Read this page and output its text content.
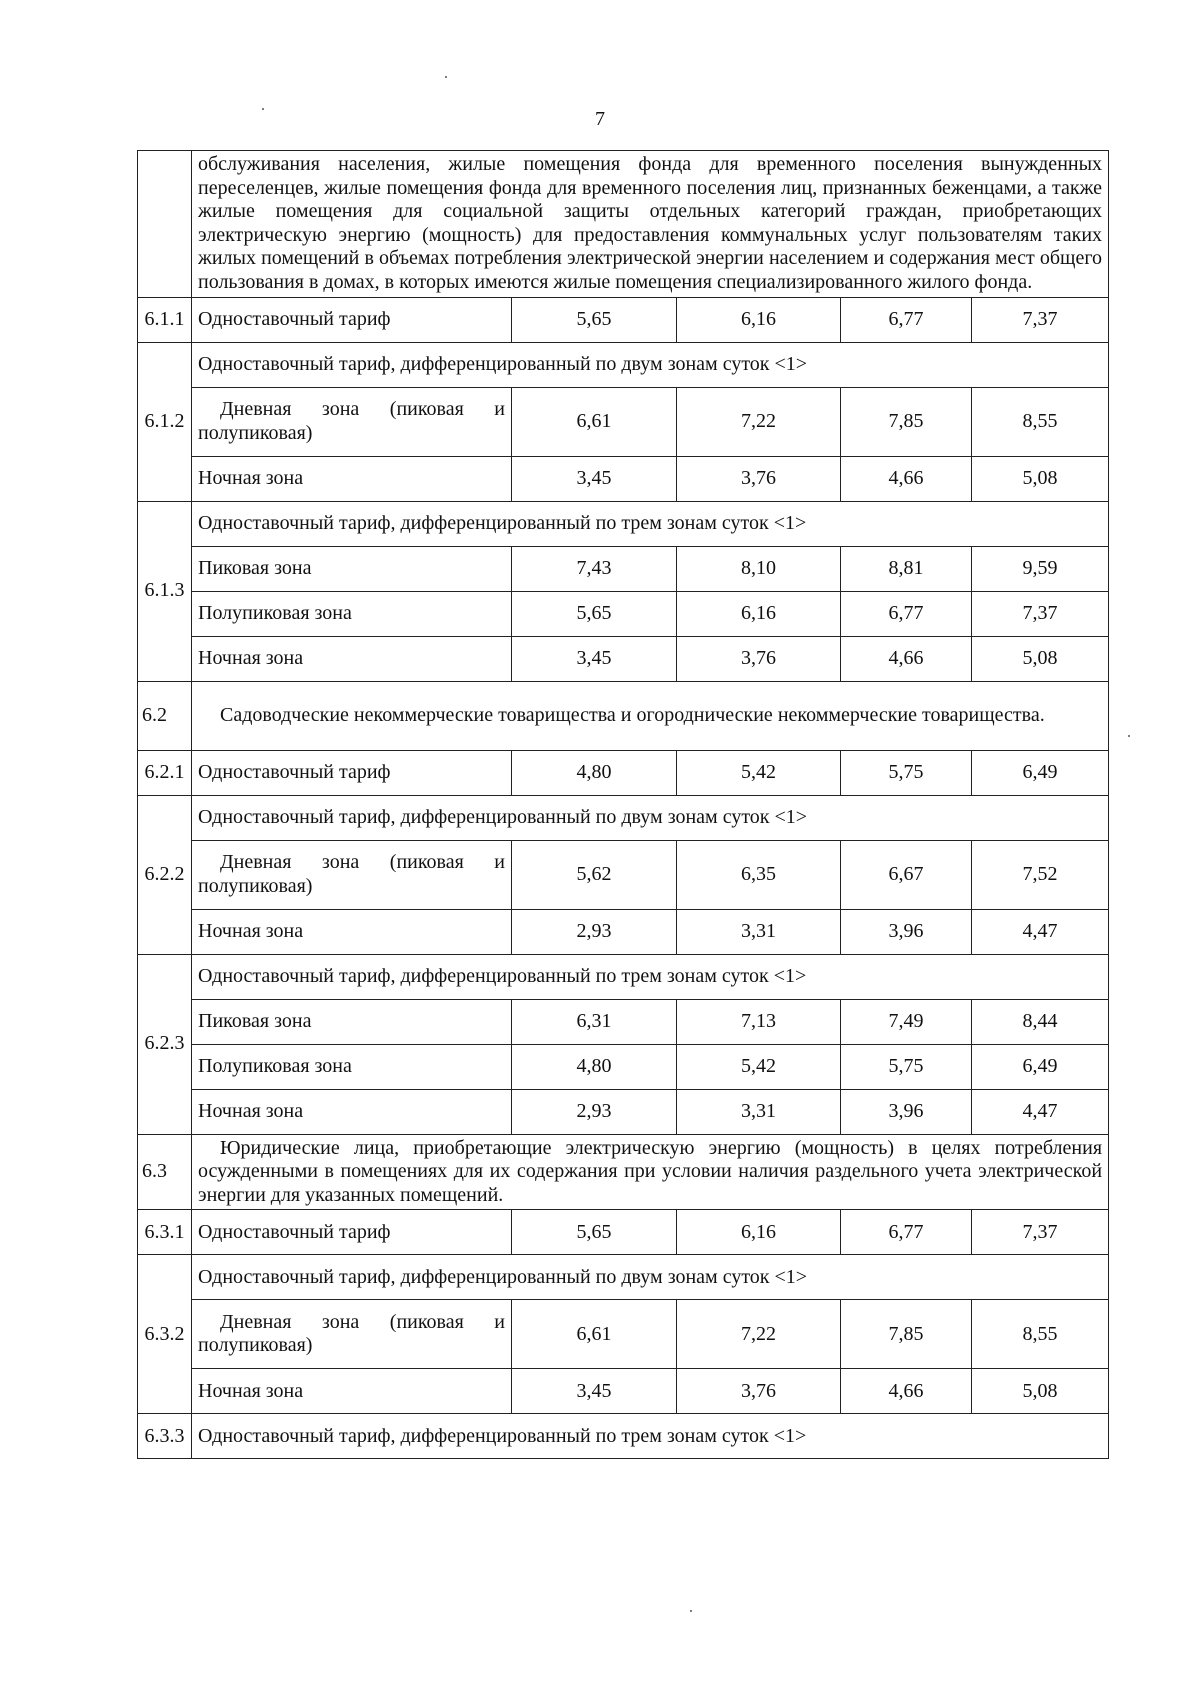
7
	обслуживания населения, жилые помещения фонда для временного поселения вынужденных переселенцев, жилые помещения фонда для временного поселения лиц, признанных беженцами, а также жилые помещения для социальной защиты отдельных категорий граждан, приобретающих электрическую энергию (мощность) для предоставления коммунальных услуг пользователям таких жилых помещений в объемах потребления электрической энергии населением и содержания мест общего пользования в домах, в которых имеются жилые помещения специализированного жилого фонда.				
6.1.1	Одноставочный тариф	5,65	6,16	6,77	7,37
6.1.2	Одноставочный тариф, дифференцированный по двум зонам суток <1>				
	Дневная зона (пиковая и полупиковая)	6,61	7,22	7,85	8,55
	Ночная зона	3,45	3,76	4,66	5,08
6.1.3	Одноставочный тариф, дифференцированный по трем зонам суток <1>				
	Пиковая зона	7,43	8,10	8,81	9,59
	Полупиковая зона	5,65	6,16	6,77	7,37
	Ночная зона	3,45	3,76	4,66	5,08
6.2	Садоводческие некоммерческие товарищества и огороднические некоммерческие товарищества.				
6.2.1	Одноставочный тариф	4,80	5,42	5,75	6,49
6.2.2	Одноставочный тариф, дифференцированный по двум зонам суток <1>				
	Дневная зона (пиковая и полупиковая)	5,62	6,35	6,67	7,52
	Ночная зона	2,93	3,31	3,96	4,47
6.2.3	Одноставочный тариф, дифференцированный по трем зонам суток <1>				
	Пиковая зона	6,31	7,13	7,49	8,44
	Полупиковая зона	4,80	5,42	5,75	6,49
	Ночная зона	2,93	3,31	3,96	4,47
6.3	Юридические лица, приобретающие электрическую энергию (мощность) в целях потребления осужденными в помещениях для их содержания при условии наличия раздельного учета электрической энергии для указанных помещений.				
6.3.1	Одноставочный тариф	5,65	6,16	6,77	7,37
6.3.2	Одноставочный тариф, дифференцированный по двум зонам суток <1>				
	Дневная зона (пиковая и полупиковая)	6,61	7,22	7,85	8,55
	Ночная зона	3,45	3,76	4,66	5,08
6.3.3	Одноставочный тариф, дифференцированный по трем зонам суток <1>				
